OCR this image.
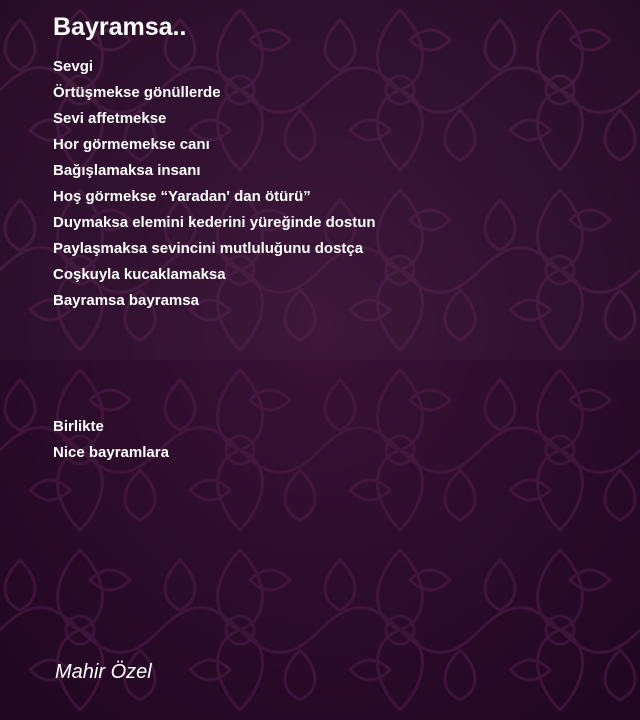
Bayramsa..
Sevgi
Örtüşmekse gönüllerde
Sevi affetmekse
Hor görmemekse canı
Bağışlamaksa insanı
Hoş görmekse “Yaradan' dan ötürü”
Duymaksa elemini kederini yüreğinde dostun
Paylaşmaksa sevincini mutluluğunu dostça
Coşkuyla kucaklamaksa
Bayramsa bayramsa
Birlikte
Nice bayramlara
Mahir Özel
